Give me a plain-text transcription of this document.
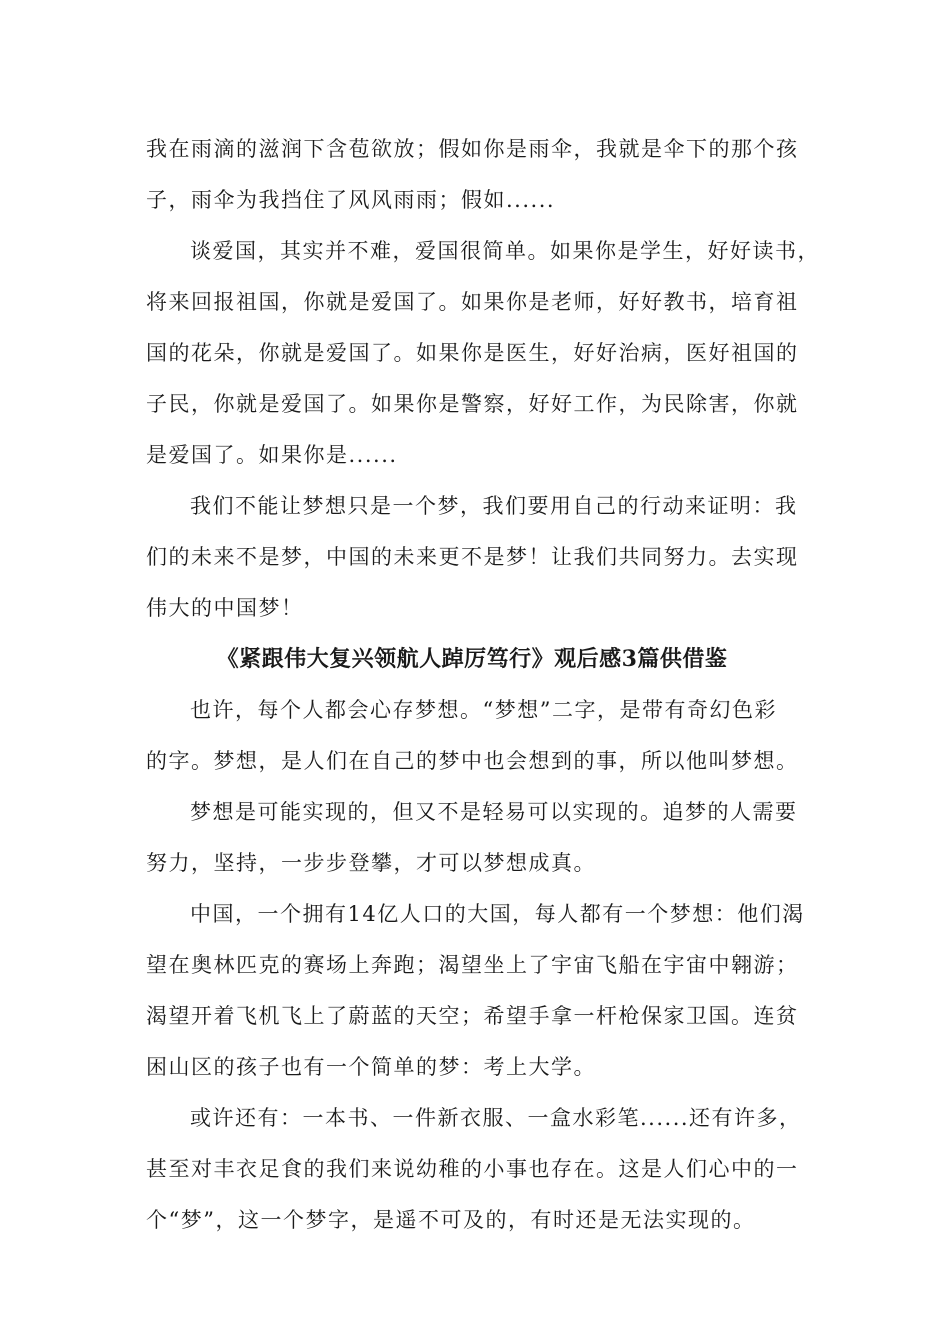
我在雨滴的滋润下含苞欲放；假如你是雨伞，我就是伞下的那个孩
子，雨伞为我挡住了风风雨雨；假如......
谈爱国，其实并不难，爱国很简单。如果你是学生，好好读书，
将来回报祖国，你就是爱国了。如果你是老师，好好教书，培育祖
国的花朵，你就是爱国了。如果你是医生，好好治病，医好祖国的
子民，你就是爱国了。如果你是警察，好好工作，为民除害，你就
是爱国了。如果你是......
我们不能让梦想只是一个梦，我们要用自己的行动来证明：我
们的未来不是梦，中国的未来更不是梦！让我们共同努力。去实现
伟大的中国梦！
《紧跟伟大复兴领航人踔厉笃行》观后感3篇供借鉴
也许，每个人都会心存梦想。“梦想”二字，是带有奇幻色彩
的字。梦想，是人们在自己的梦中也会想到的事，所以他叫梦想。
梦想是可能实现的，但又不是轻易可以实现的。追梦的人需要
努力，坚持，一步步登攀，才可以梦想成真。
中国，一个拥有14亿人口的大国，每人都有一个梦想：他们渴
望在奥林匹克的赛场上奔跑；渴望坐上了宇宙飞船在宇宙中翱游；
渴望开着飞机飞上了蔚蓝的天空；希望手拿一杆枪保家卫国。连贫
困山区的孩子也有一个简单的梦：考上大学。
或许还有：一本书、一件新衣服、一盒水彩笔......还有许多，
甚至对丰衣足食的我们来说幼稚的小事也存在。这是人们心中的一
个“梦”，这一个梦字，是遥不可及的，有时还是无法实现的。
